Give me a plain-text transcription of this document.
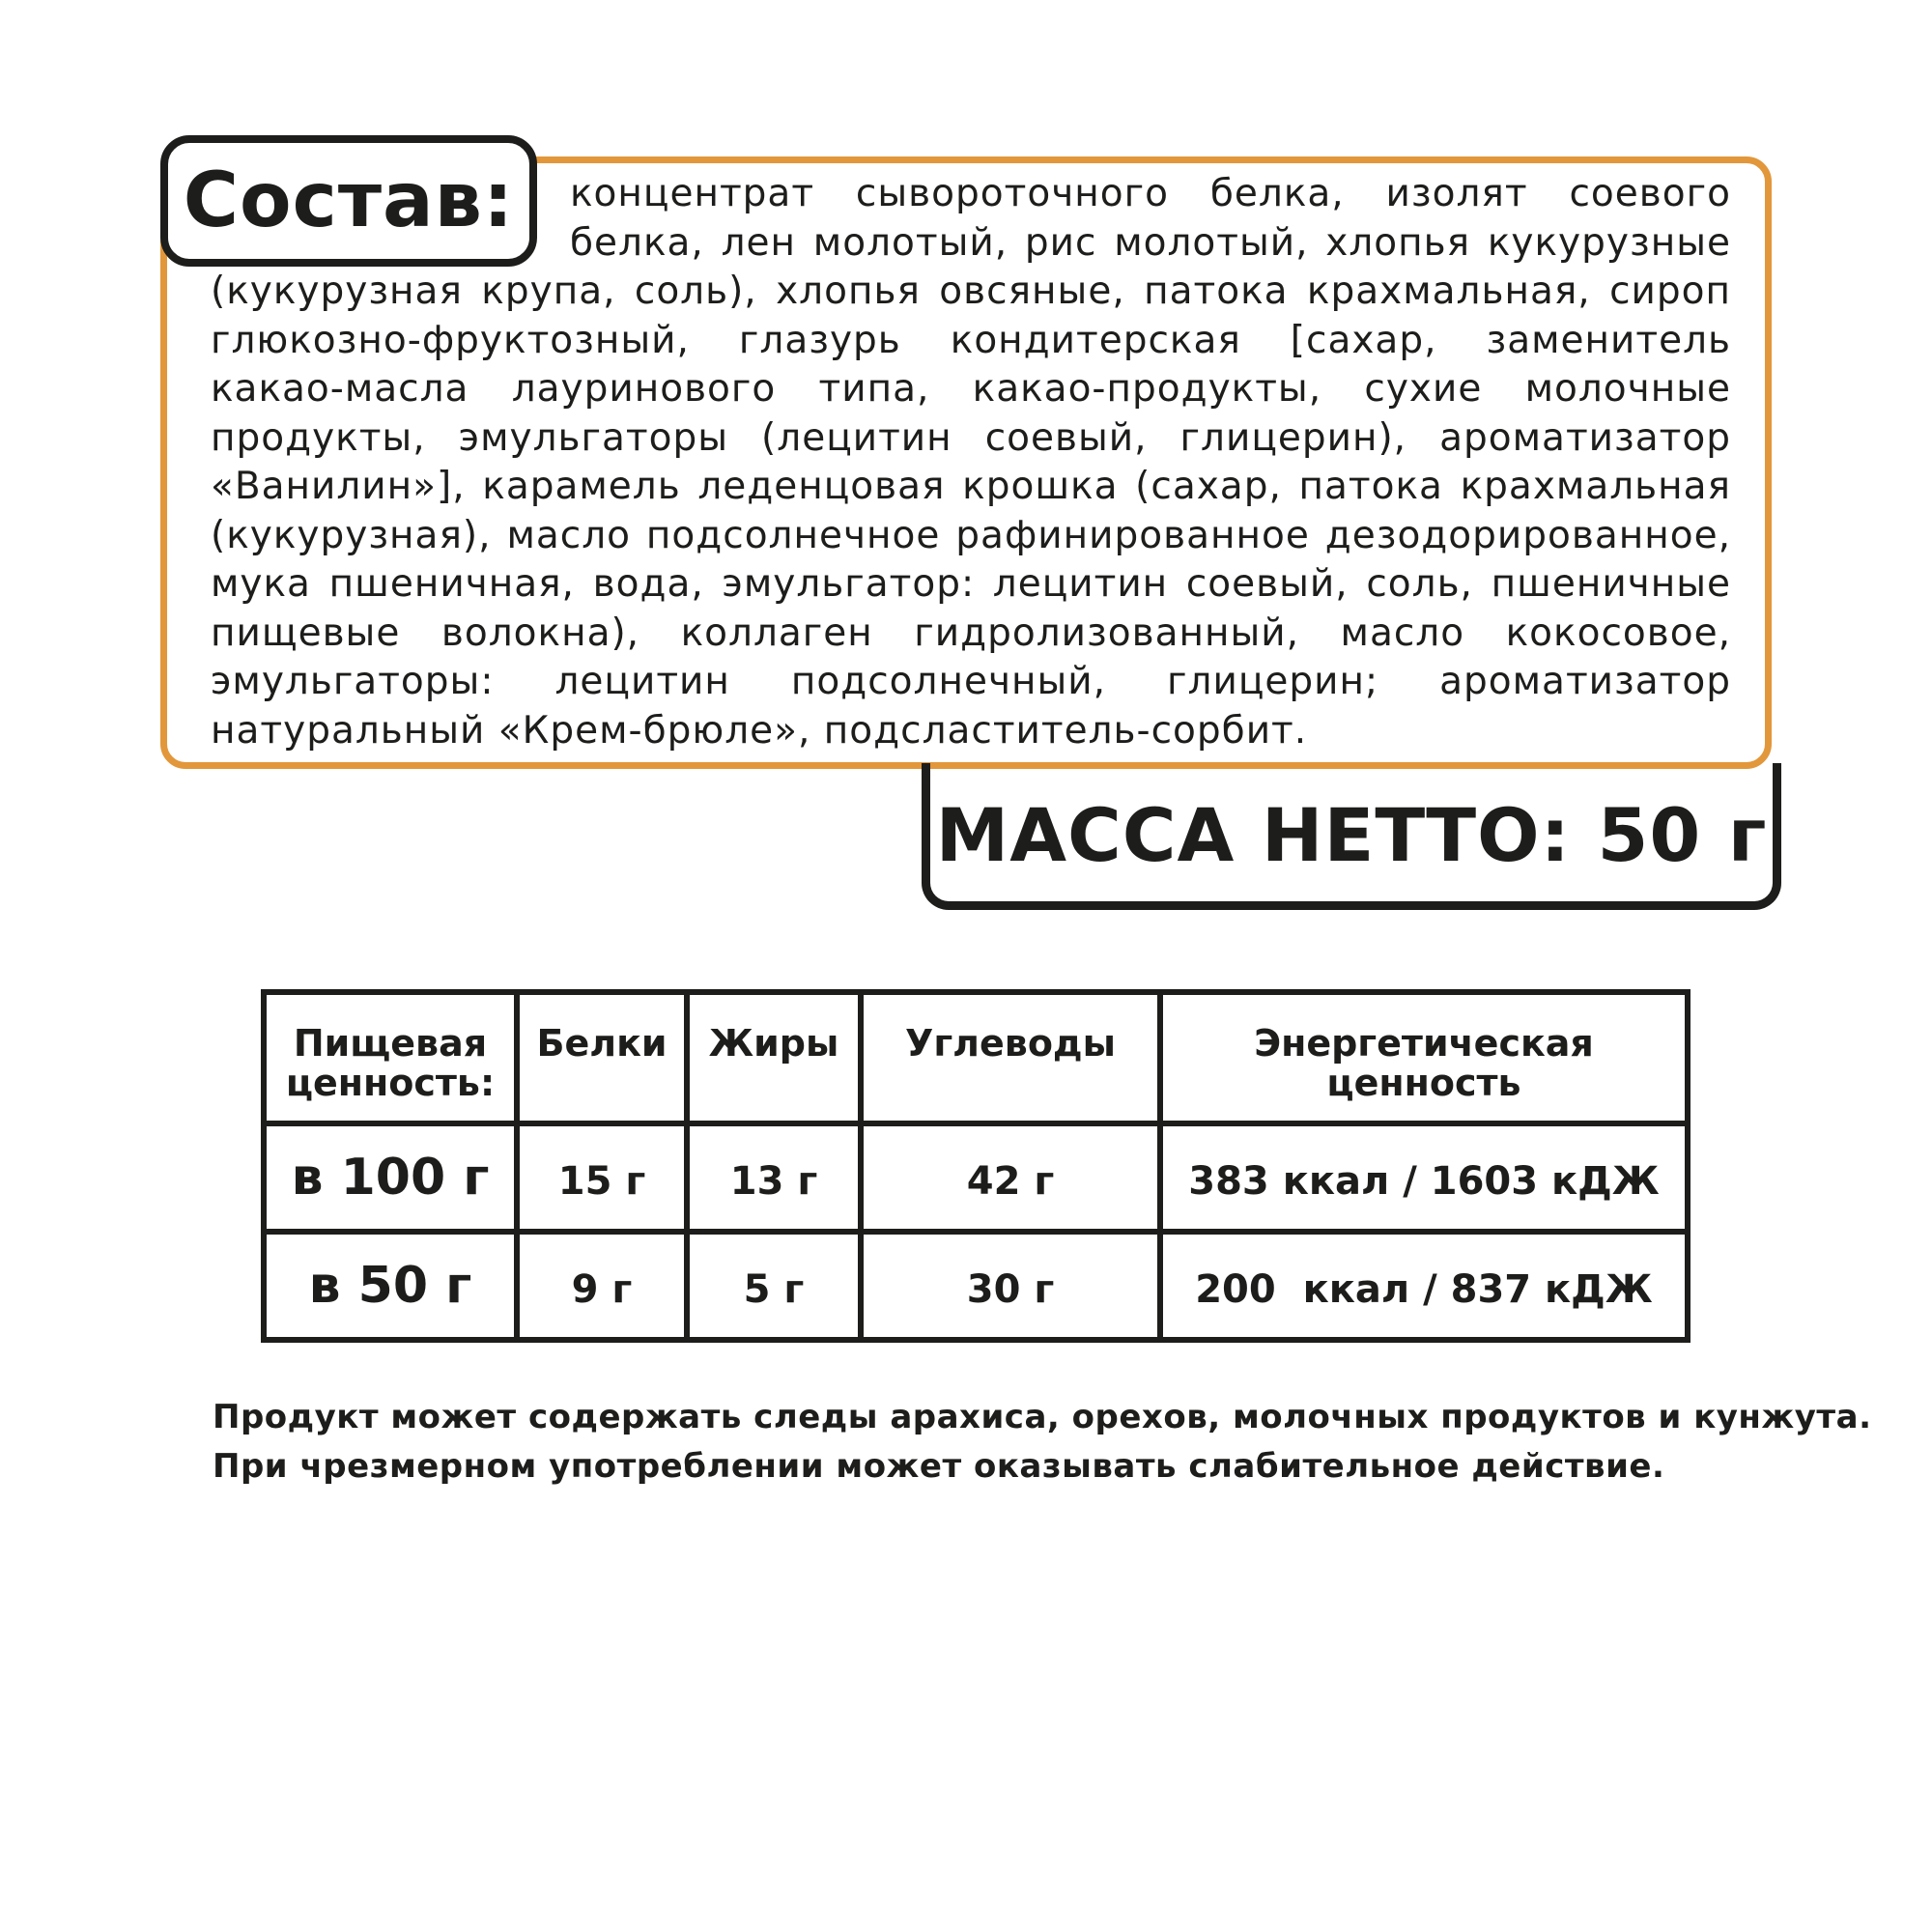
Состав:	концентрат сывороточного белка, изолят соевого белка, лен молотый, рис молотый, хлопья кукурузные (кукурузная крупа, соль), хлопья овсяные, патока крахмальная, сироп глюкозно-фруктозный, глазурь кондитерская [сахар, заменитель какао-масла лауринового типа, какао-продукты, сухие молочные продукты, эмульгаторы (лецитин соевый, глицерин), ароматизатор «Ванилин»], карамель леденцовая крошка (сахар, патока крахмальная (кукурузная), масло подсолнечное рафинированное дезодорированное, мука пшеничная, вода, эмульгатор: лецитин соевый, соль, пшеничные пищевые волокна), коллаген гидролизованный, масло кокосовое, эмульгаторы: лецитин подсолнечный, глицерин; ароматизатор натуральный «Крем-брюле», подсластитель-сорбит.

МАССА НЕТТО: 50 г
Пищевая ценность:	Белки	Жиры	Углеводы	Энергетическая ценность
в 100 г	15 г	13 г	42 г	383 ккал / 1603 кДЖ
в 50 г	9 г	5 г	30 г	200  ккал / 837 кДЖ
Продукт может содержать следы арахиса, орехов, молочных продуктов и кунжута.
При чрезмерном употреблении может оказывать слабительное действие.
